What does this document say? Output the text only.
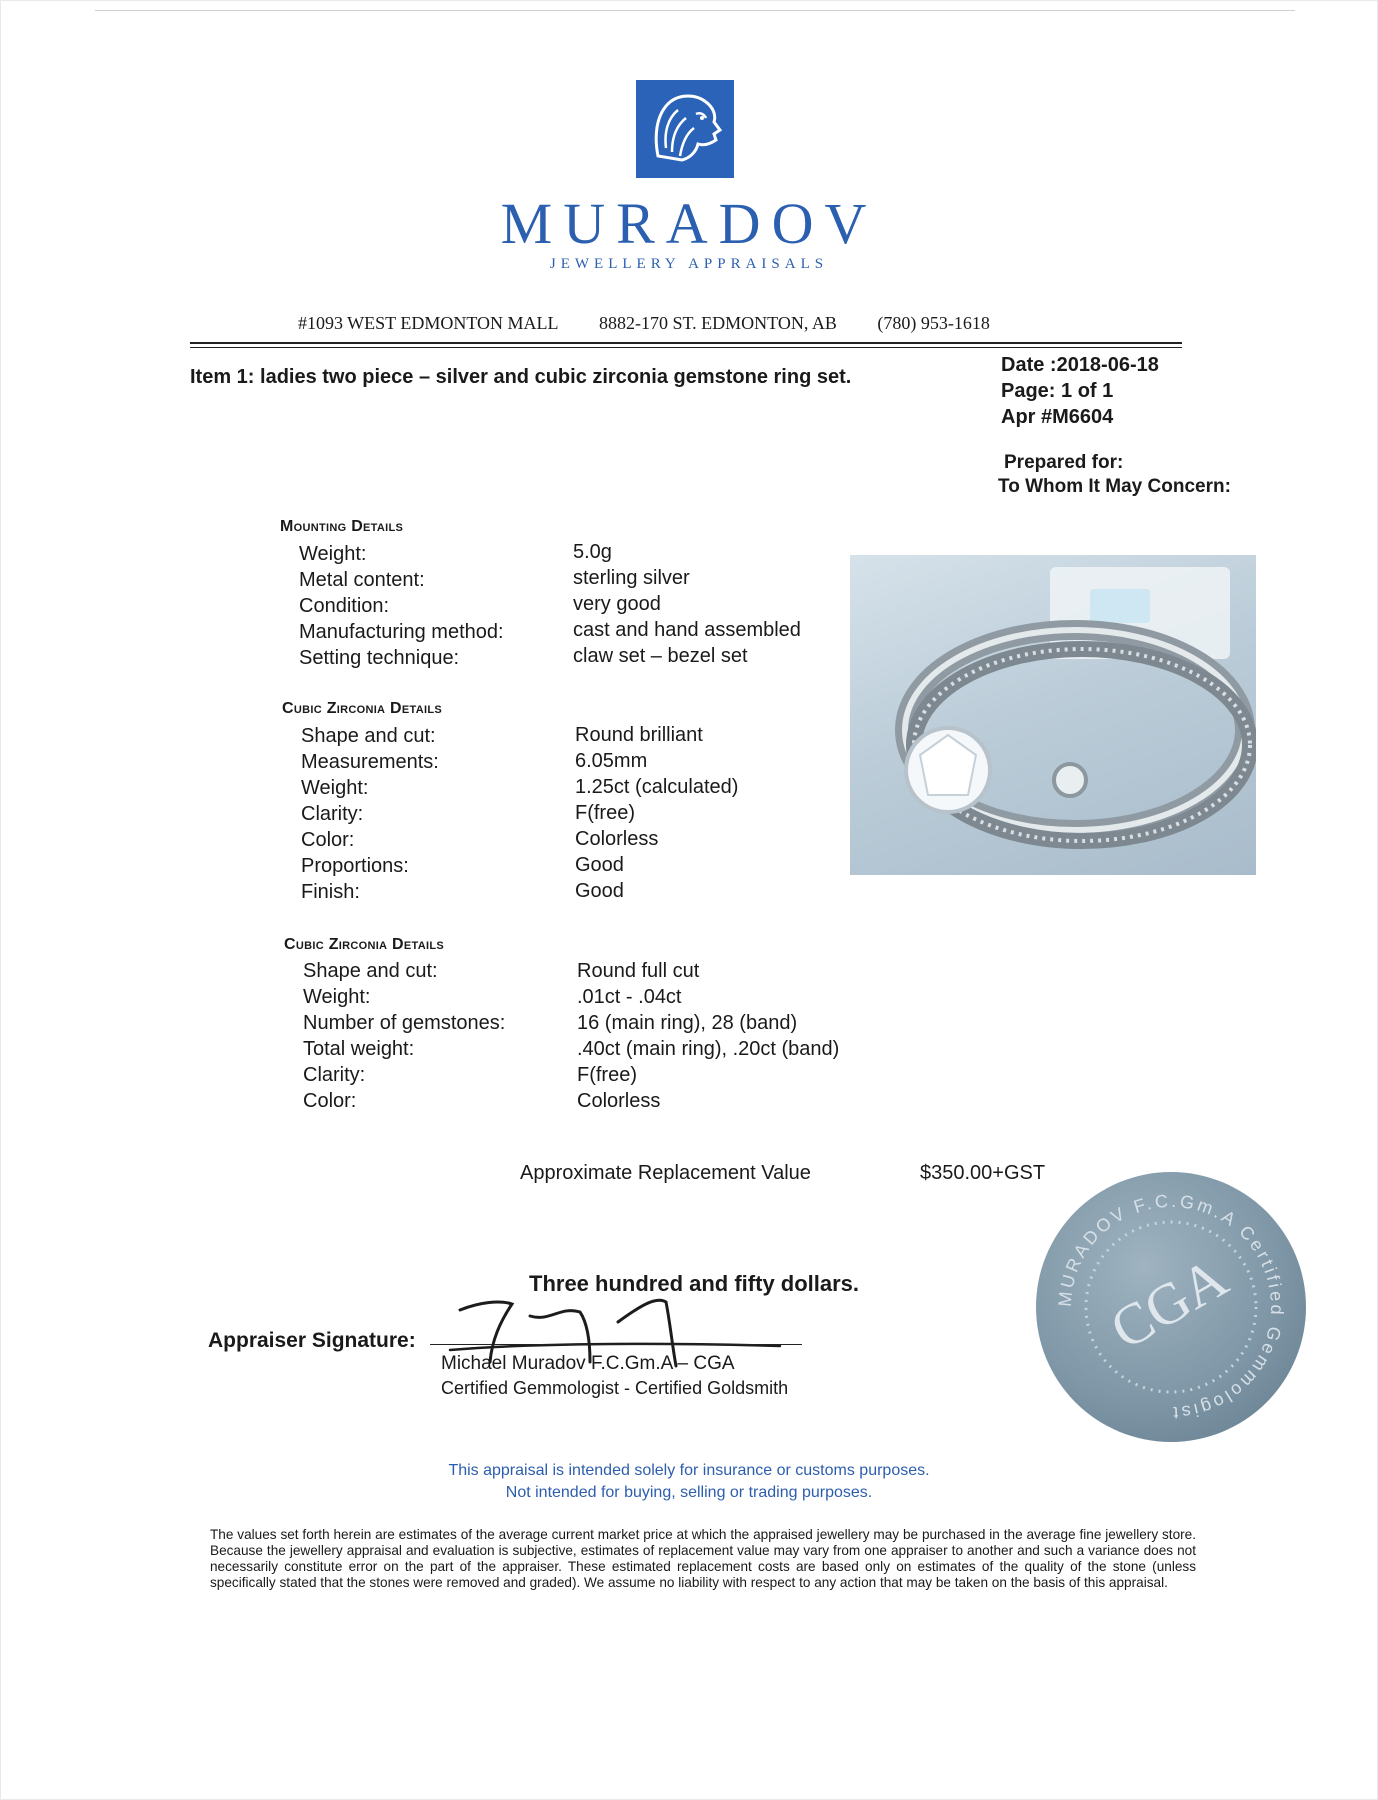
MURADOV
JEWELLERY APPRAISALS
#1093 WEST EDMONTON MALL 8882-170 ST. EDMONTON, AB (780) 953-1618
Item 1: ladies two piece – silver and cubic zirconia gemstone ring set.
Date :2018-06-18
Page: 1 of 1
Apr #M6604
Prepared for:
To Whom It May Concern:
Mounting Details
Weight:
Metal content:
Condition:
Manufacturing method:
Setting technique:
5.0g
sterling silver
very good
cast and hand assembled
claw set – bezel set
Cubic Zirconia Details
Shape and cut:
Measurements:
Weight:
Clarity:
Color:
Proportions:
Finish:
Round brilliant
6.05mm
1.25ct (calculated)
F(free)
Colorless
Good
Good
Cubic Zirconia Details
Shape and cut:
Weight:
Number of gemstones:
Total weight:
Clarity:
Color:
Round full cut
.01ct - .04ct
16 (main ring), 28 (band)
.40ct (main ring), .20ct (band)
F(free)
Colorless
Approximate Replacement Value	$350.00+GST
MURADOV F.C.Gm.A Certified Gemmologist
CGA
Three hundred and fifty dollars.
Appraiser Signature:
Michael Muradov F.C.Gm.A – CGA
Certified Gemmologist - Certified Goldsmith
This appraisal is intended solely for insurance or customs purposes.
Not intended for buying, selling or trading purposes.
The values set forth herein are estimates of the average current market price at which the appraised jewellery may be purchased in the average fine jewellery store. Because the jewellery appraisal and evaluation is subjective, estimates of replacement value may vary from one appraiser to another and such a variance does not necessarily constitute error on the part of the appraiser. These estimated replacement costs are based only on estimates of the quality of the stone (unless specifically stated that the stones were removed and graded). We assume no liability with respect to any action that may be taken on the basis of this appraisal.
